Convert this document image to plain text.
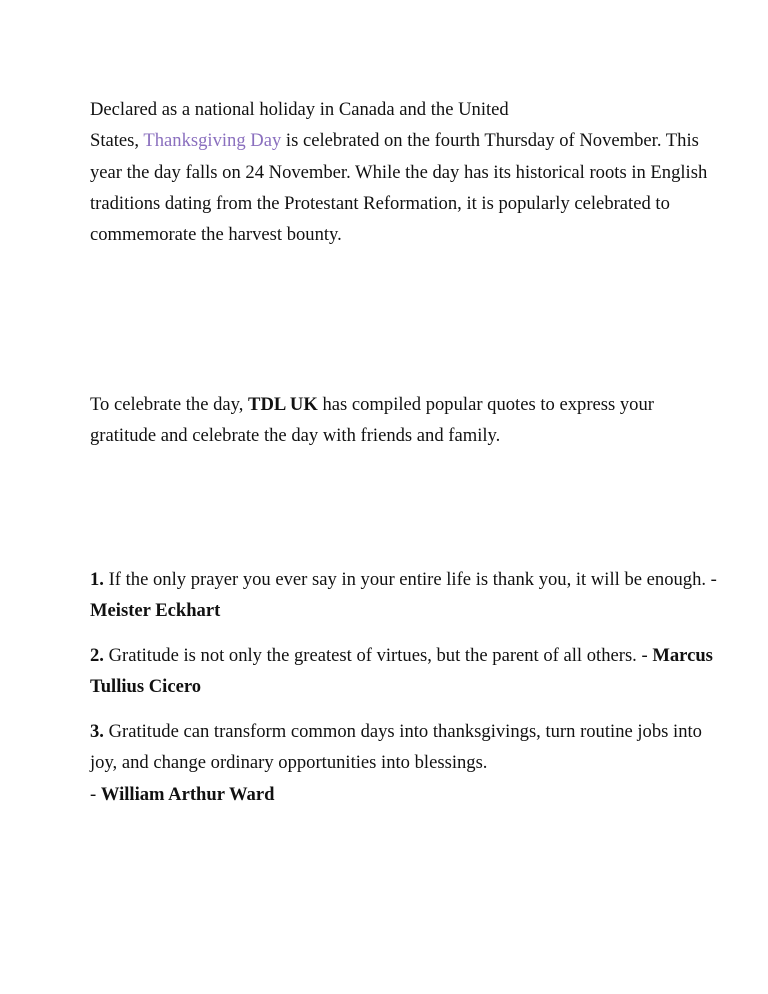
Declared as a national holiday in Canada and the United
States, Thanksgiving Day is celebrated on the fourth Thursday of November. This year the day falls on 24 November. While the day has its historical roots in English traditions dating from the Protestant Reformation, it is popularly celebrated to commemorate the harvest bounty.

To celebrate the day, TDL UK has compiled popular quotes to express your gratitude and celebrate the day with friends and family.

1. If the only prayer you ever say in your entire life is thank you, it will be enough. - Meister Eckhart

2. Gratitude is not only the greatest of virtues, but the parent of all others. - Marcus Tullius Cicero

3. Gratitude can transform common days into thanksgivings, turn routine jobs into joy, and change ordinary opportunities into blessings.
- William Arthur Ward
